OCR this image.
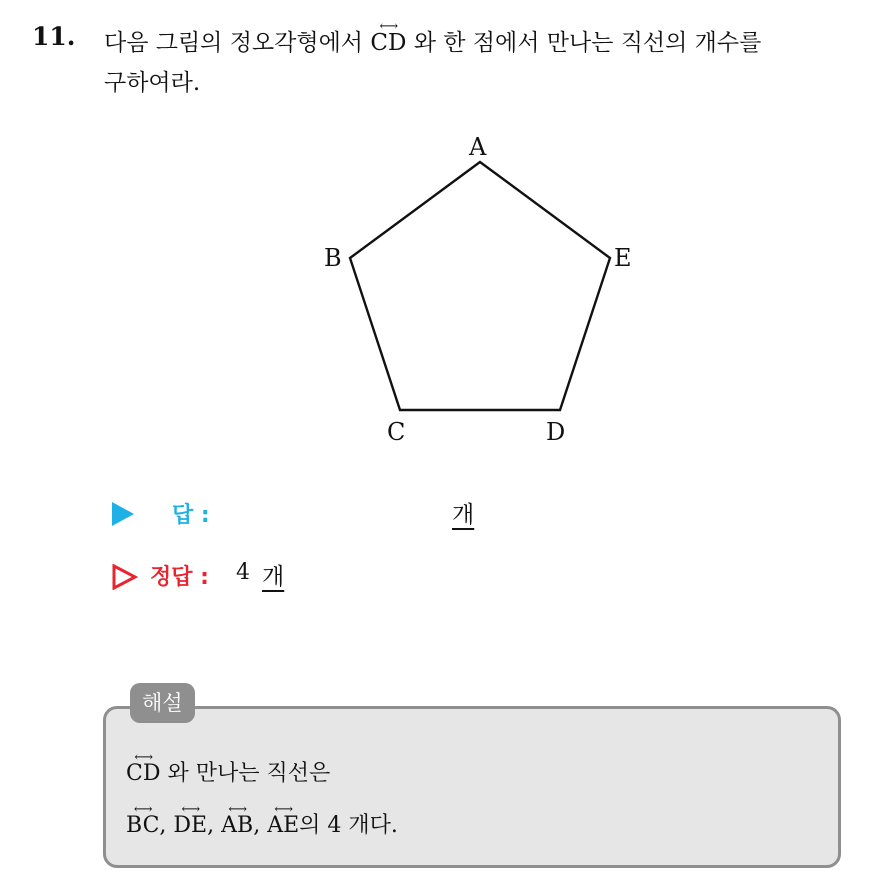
11. 다음 그림의 정오각형에서
⟷
CD 와 한 점에서 만나는 직선의 개수를
구하여라.
A
B
C	D
E
답 :	개
정답 : 4 개
해설
⟷
CD 와 만나는 직선은
⟷
BC,
⟷
DE,
⟷
AB,
⟷
AE의 4 개다.
